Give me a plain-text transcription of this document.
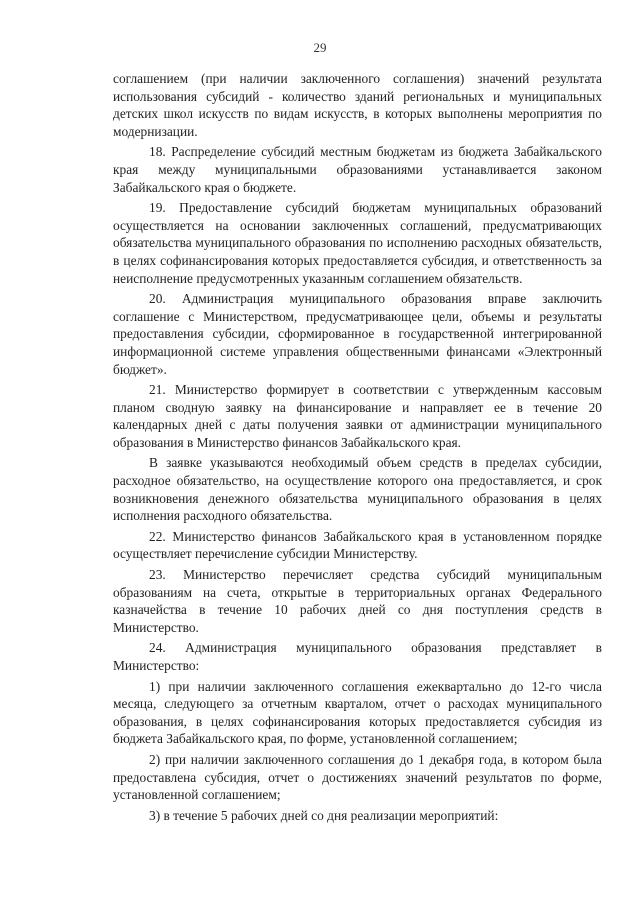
29

соглашением (при наличии заключенного соглашения) значений результата использования субсидий - количество зданий региональных и муниципальных детских школ искусств по видам искусств, в которых выполнены мероприятия по модернизации.

18. Распределение субсидий местным бюджетам из бюджета Забайкальского края между муниципальными образованиями устанавливается законом Забайкальского края о бюджете.

19. Предоставление субсидий бюджетам муниципальных образований осуществляется на основании заключенных соглашений, предусматривающих обязательства муниципального образования по исполнению расходных обязательств, в целях софинансирования которых предоставляется субсидия, и ответственность за неисполнение предусмотренных указанным соглашением обязательств.

20. Администрация муниципального образования вправе заключить соглашение с Министерством, предусматривающее цели, объемы и результаты предоставления субсидии, сформированное в государственной интегрированной информационной системе управления общественными финансами «Электронный бюджет».

21. Министерство формирует в соответствии с утвержденным кассовым планом сводную заявку на финансирование и направляет ее в течение 20 календарных дней с даты получения заявки от администрации муниципального образования в Министерство финансов Забайкальского края.

В заявке указываются необходимый объем средств в пределах субсидии, расходное обязательство, на осуществление которого она предоставляется, и срок возникновения денежного обязательства муниципального образования в целях исполнения расходного обязательства.

22. Министерство финансов Забайкальского края в установленном порядке осуществляет перечисление субсидии Министерству.

23. Министерство перечисляет средства субсидий муниципальным образованиям на счета, открытые в территориальных органах Федерального казначейства в течение 10 рабочих дней со дня поступления средств в Министерство.

24. Администрация муниципального образования представляет в Министерство:

1) при наличии заключенного соглашения ежеквартально до 12-го числа месяца, следующего за отчетным кварталом, отчет о расходах муниципального образования, в целях софинансирования которых предоставляется субсидия из бюджета Забайкальского края, по форме, установленной соглашением;

2) при наличии заключенного соглашения до 1 декабря года, в котором была предоставлена субсидия, отчет о достижениях значений результатов по форме, установленной соглашением;

3) в течение 5 рабочих дней со дня реализации мероприятий:
